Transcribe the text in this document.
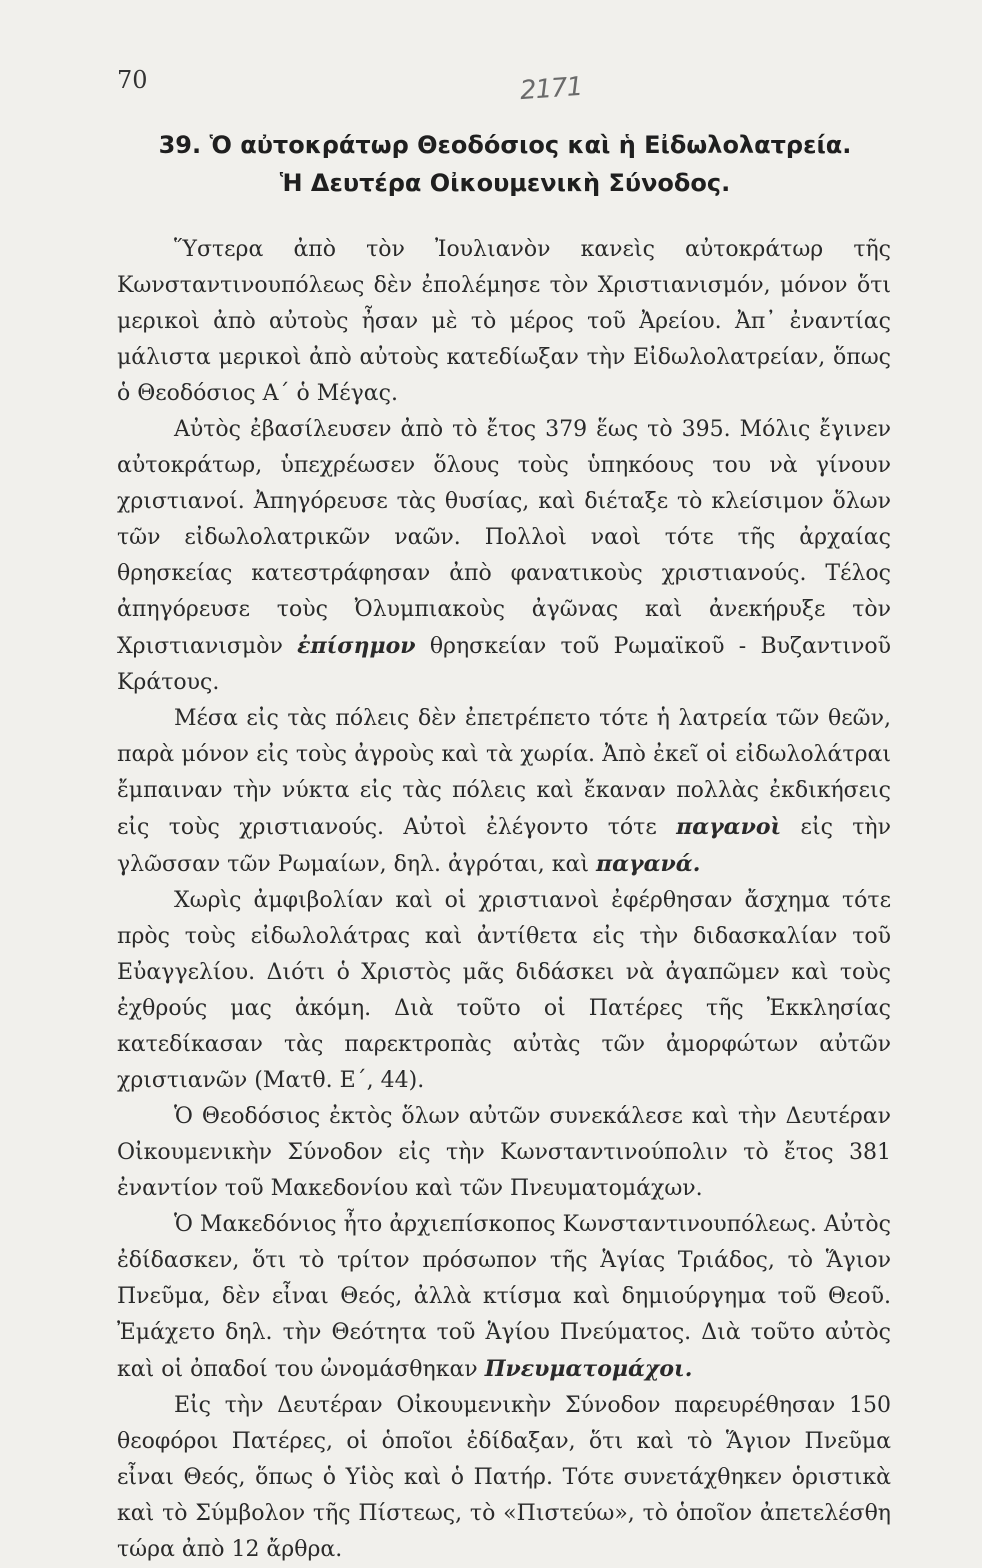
70	2171
39. Ὁ αὐτοκράτωρ Θεοδόσιος καὶ ἡ Εἰδωλολατρεία.
Ἡ Δευτέρα Οἰκουμενικὴ Σύνοδος.

Ὕστερα ἀπὸ τὸν Ἰουλιανὸν κανεὶς αὐτοκράτωρ τῆς Κωνσταντινουπόλεως δὲν ἐπολέμησε τὸν Χριστιανισμόν, μόνον ὅτι μερικοὶ ἀπὸ αὐτοὺς ἦσαν μὲ τὸ μέρος τοῦ Ἀρείου. Ἀπ᾿ ἐναντίας μάλιστα μερικοὶ ἀπὸ αὐτοὺς κατεδίωξαν τὴν Εἰδωλολατρείαν, ὅπως ὁ Θεοδόσιος Α΄ ὁ Μέγας.

Αὐτὸς ἐβασίλευσεν ἀπὸ τὸ ἔτος 379 ἕως τὸ 395. Μόλις ἔγινεν αὐτοκράτωρ, ὑπεχρέωσεν ὅλους τοὺς ὑπηκόους του νὰ γίνουν χριστιανοί. Ἀπηγόρευσε τὰς θυσίας, καὶ διέταξε τὸ κλείσιμον ὅλων τῶν εἰδωλολατρικῶν ναῶν. Πολλοὶ ναοὶ τότε τῆς ἀρχαίας θρησκείας κατεστράφησαν ἀπὸ φανατικοὺς χριστιανούς. Τέλος ἀπηγόρευσε τοὺς Ὀλυμπιακοὺς ἀγῶνας καὶ ἀνεκήρυξε τὸν Χριστιανισμὸν ἐπίσημον θρησκείαν τοῦ Ρωμαϊκοῦ - Βυζαντινοῦ Κράτους.

Μέσα εἰς τὰς πόλεις δὲν ἐπετρέπετο τότε ἡ λατρεία τῶν θεῶν, παρὰ μόνον εἰς τοὺς ἀγροὺς καὶ τὰ χωρία. Ἀπὸ ἐκεῖ οἱ εἰδωλολάτραι ἔμπαιναν τὴν νύκτα εἰς τὰς πόλεις καὶ ἔκαναν πολλὰς ἐκδικήσεις εἰς τοὺς χριστιανούς. Αὐτοὶ ἐλέγοντο τότε παγανοὶ εἰς τὴν γλῶσσαν τῶν Ρωμαίων, δηλ. ἀγρόται, καὶ παγανά.

Χωρὶς ἀμφιβολίαν καὶ οἱ χριστιανοὶ ἐφέρθησαν ἄσχημα τότε πρὸς τοὺς εἰδωλολάτρας καὶ ἀντίθετα εἰς τὴν διδασκαλίαν τοῦ Εὐαγγελίου. Διότι ὁ Χριστὸς μᾶς διδάσκει νὰ ἀγαπῶμεν καὶ τοὺς ἐχθρούς μας ἀκόμη. Διὰ τοῦτο οἱ Πατέρες τῆς Ἐκκλησίας κατεδίκασαν τὰς παρεκτροπὰς αὐτὰς τῶν ἀμορφώτων αὐτῶν χριστιανῶν (Ματθ. Ε΄, 44).

Ὁ Θεοδόσιος ἐκτὸς ὅλων αὐτῶν συνεκάλεσε καὶ τὴν Δευτέραν Οἰκουμενικὴν Σύνοδον εἰς τὴν Κωνσταντινούπολιν τὸ ἔτος 381 ἐναντίον τοῦ Μακεδονίου καὶ τῶν Πνευματομάχων.

Ὁ Μακεδόνιος ἦτο ἀρχιεπίσκοπος Κωνσταντινουπόλεως. Αὐτὸς ἐδίδασκεν, ὅτι τὸ τρίτον πρόσωπον τῆς Ἁγίας Τριάδος, τὸ Ἅγιον Πνεῦμα, δὲν εἶναι Θεός, ἀλλὰ κτίσμα καὶ δημιούργημα τοῦ Θεοῦ. Ἐμάχετο δηλ. τὴν Θεότητα τοῦ Ἁγίου Πνεύματος. Διὰ τοῦτο αὐτὸς καὶ οἱ ὀπαδοί του ὠνομάσθηκαν Πνευματομάχοι.

Εἰς τὴν Δευτέραν Οἰκουμενικὴν Σύνοδον παρευρέθησαν 150 θεοφόροι Πατέρες, οἱ ὁποῖοι ἐδίδαξαν, ὅτι καὶ τὸ Ἅγιον Πνεῦμα εἶναι Θεός, ὅπως ὁ Υἱὸς καὶ ὁ Πατήρ. Τότε συνετάχθηκεν ὁριστικὰ καὶ τὸ Σύμβολον τῆς Πίστεως, τὸ «Πιστεύω», τὸ ὁποῖον ἀπετελέσθη τώρα ἀπὸ 12 ἄρθρα.
